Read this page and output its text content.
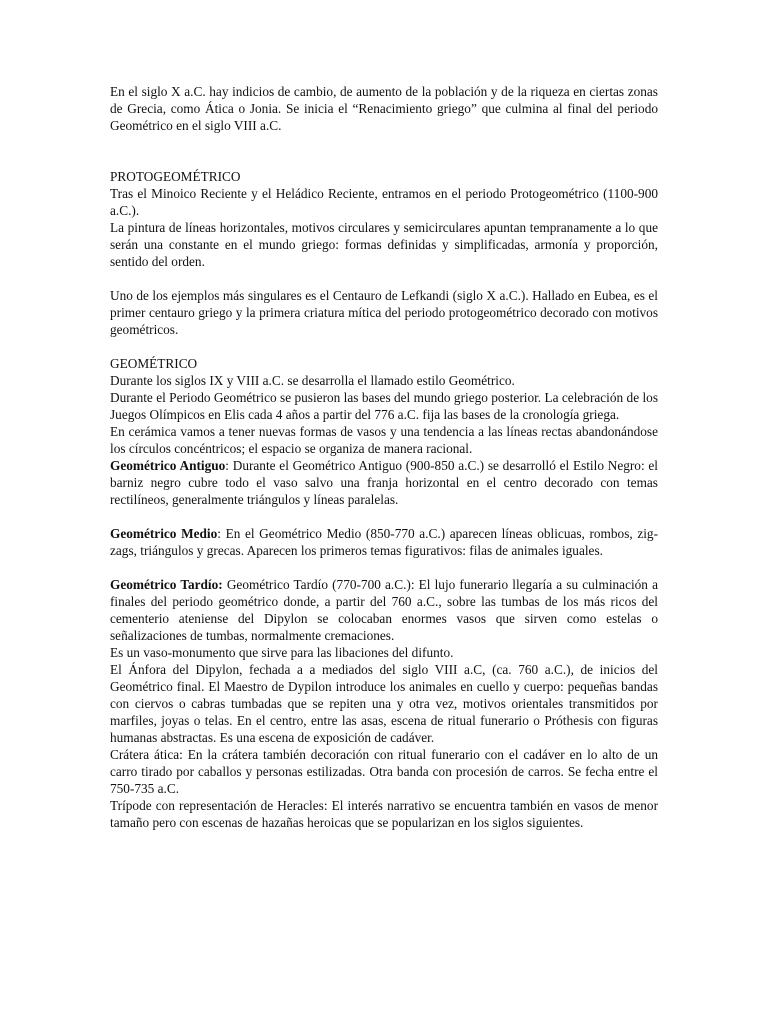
En el siglo X a.C. hay indicios de cambio, de aumento de la población y de la riqueza en ciertas zonas de Grecia, como Ática o Jonia. Se inicia el “Renacimiento griego” que culmina al final del periodo Geométrico en el siglo VIII a.C.

PROTOGEOMÉTRICO

Tras el Minoico Reciente y el Heládico Reciente, entramos en el periodo Protogeométrico (1100-900 a.C.).

La pintura de líneas horizontales, motivos circulares y semicirculares apuntan tempranamente a lo que serán una constante en el mundo griego: formas definidas y simplificadas, armonía y proporción, sentido del orden.

Uno de los ejemplos más singulares es el Centauro de Lefkandi (siglo X a.C.). Hallado en Eubea, es el primer centauro griego y la primera criatura mítica del periodo protogeométrico decorado con motivos geométricos.

GEOMÉTRICO

Durante los siglos IX y VIII a.C. se desarrolla el llamado estilo Geométrico.

Durante el Periodo Geométrico se pusieron las bases del mundo griego posterior. La celebración de los Juegos Olímpicos en Elis cada 4 años a partir del 776 a.C. fija las bases de la cronología griega.

En cerámica vamos a tener nuevas formas de vasos y una tendencia a las líneas rectas abandonándose los círculos concéntricos; el espacio se organiza de manera racional.

Geométrico Antiguo: Durante el Geométrico Antiguo (900-850 a.C.) se desarrolló el Estilo Negro: el barniz negro cubre todo el vaso salvo una franja horizontal en el centro decorado con temas rectilíneos, generalmente triángulos y líneas paralelas.

Geométrico Medio: En el Geométrico Medio (850-770 a.C.) aparecen líneas oblicuas, rombos, zig-zags, triángulos y grecas. Aparecen los primeros temas figurativos: filas de animales iguales.

Geométrico Tardío: Geométrico Tardío (770-700 a.C.): El lujo funerario llegaría a su culminación a finales del periodo geométrico donde, a partir del 760 a.C., sobre las tumbas de los más ricos del cementerio ateniense del Dipylon se colocaban enormes vasos que sirven como estelas o señalizaciones de tumbas, normalmente cremaciones.

Es un vaso-monumento que sirve para las libaciones del difunto.

El Ánfora del Dipylon, fechada a a mediados del siglo VIII a.C, (ca. 760 a.C.), de inicios del Geométrico final. El Maestro de Dypilon introduce los animales en cuello y cuerpo: pequeñas bandas con ciervos o cabras tumbadas que se repiten una y otra vez, motivos orientales transmitidos por marfiles, joyas o telas. En el centro, entre las asas, escena de ritual funerario o Próthesis con figuras humanas abstractas. Es una escena de exposición de cadáver.

Crátera ática: En la crátera también decoración con ritual funerario con el cadáver en lo alto de un carro tirado por caballos y personas estilizadas. Otra banda con procesión de carros. Se fecha entre el 750-735 a.C.

Trípode con representación de Heracles: El interés narrativo se encuentra también en vasos de menor tamaño pero con escenas de hazañas heroicas que se popularizan en los siglos siguientes.
